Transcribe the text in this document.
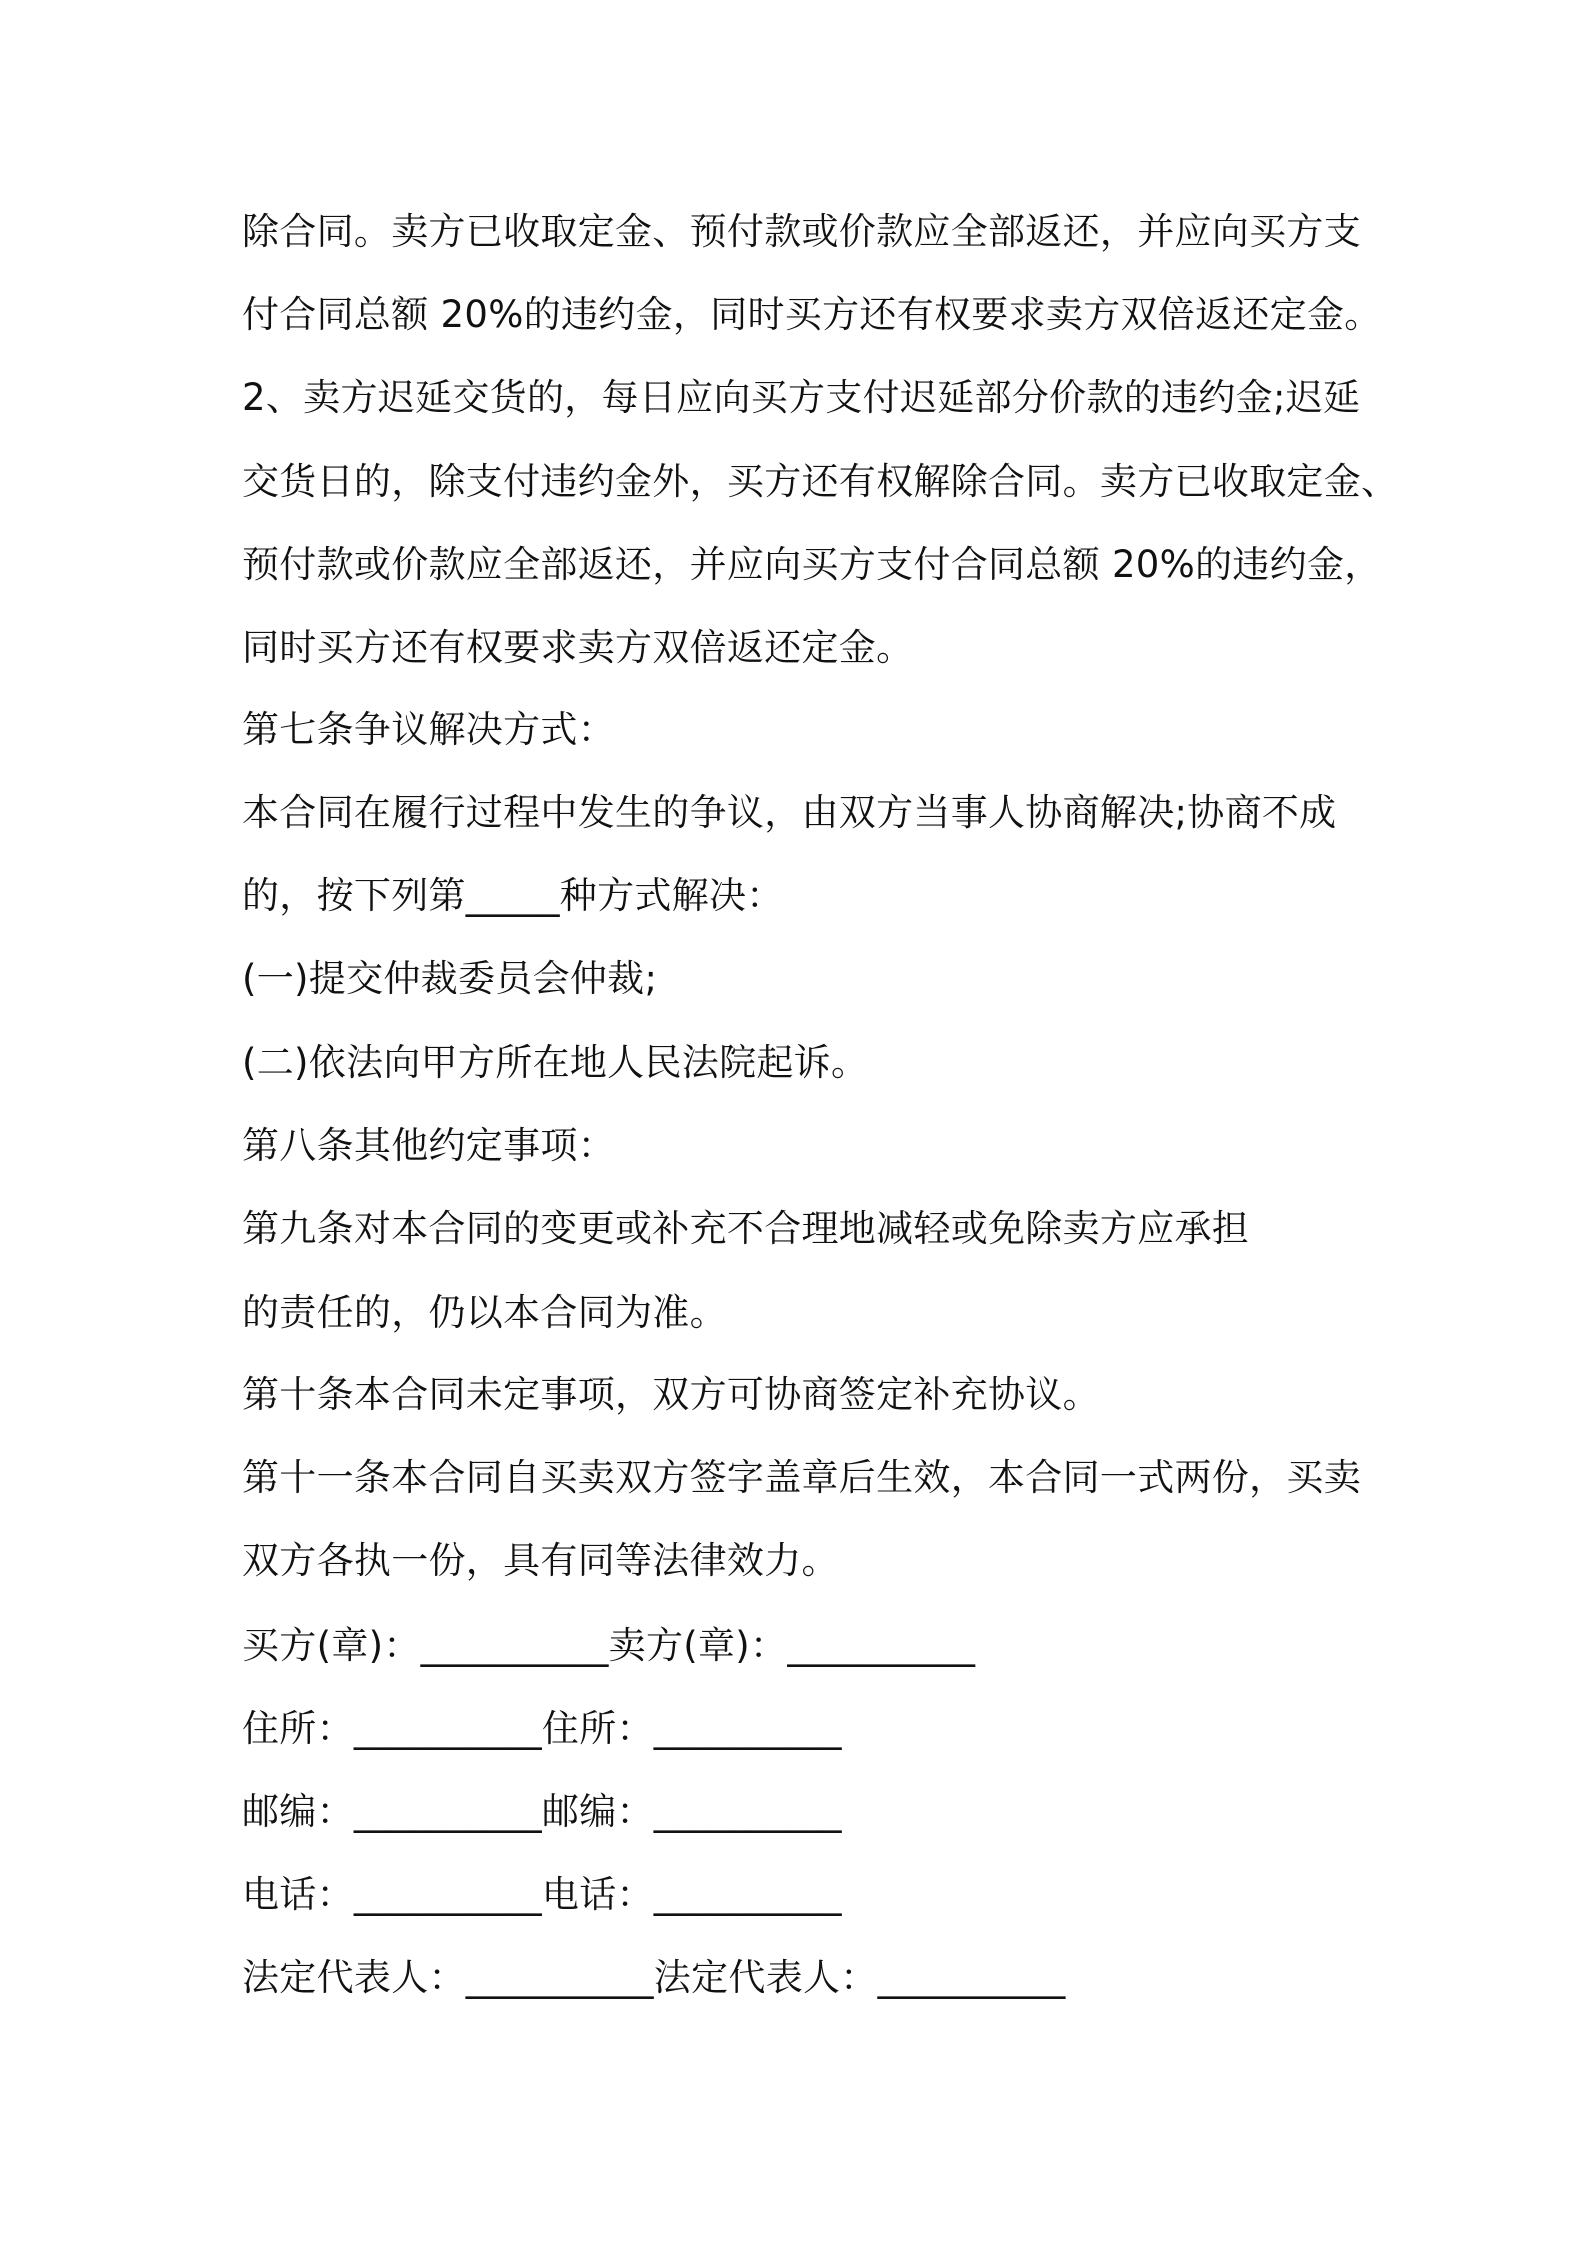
除合同。卖方已收取定金、预付款或价款应全部返还，并应向买方支

付合同总额 20%的违约金，同时买方还有权要求卖方双倍返还定金。

2、卖方迟延交货的，每日应向买方支付迟延部分价款的违约金;迟延

交货日的，除支付违约金外，买方还有权解除合同。卖方已收取定金、

预付款或价款应全部返还，并应向买方支付合同总额 20%的违约金，

同时买方还有权要求卖方双倍返还定金。

第七条争议解决方式：

本合同在履行过程中发生的争议，由双方当事人协商解决;协商不成

的，按下列第_____种方式解决：

(一)提交仲裁委员会仲裁;

(二)依法向甲方所在地人民法院起诉。

第八条其他约定事项：

第九条对本合同的变更或补充不合理地减轻或免除卖方应承担

的责任的，仍以本合同为准。

第十条本合同未定事项，双方可协商签定补充协议。

第十一条本合同自买卖双方签字盖章后生效，本合同一式两份，买卖

双方各执一份，具有同等法律效力。

买方(章)：__________卖方(章)：__________

住所：__________住所：__________

邮编：__________邮编：__________

电话：__________电话：__________

法定代表人：__________法定代表人：__________
